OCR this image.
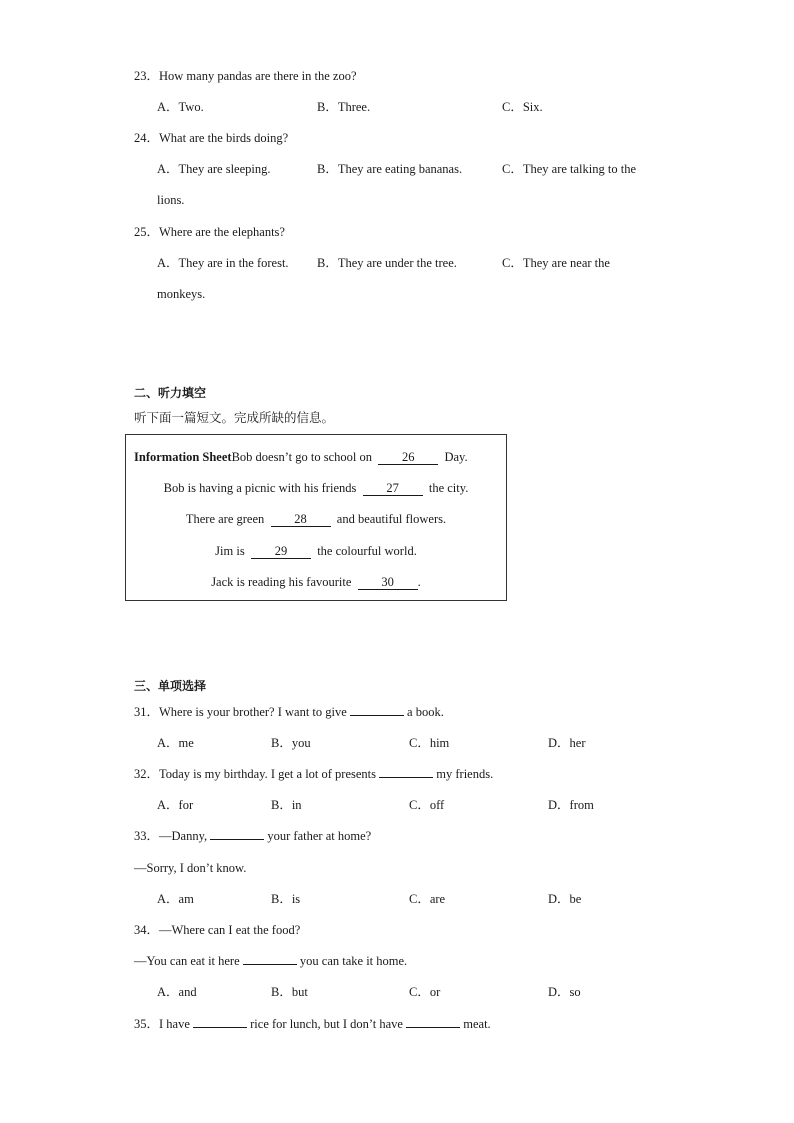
23．How many pandas are there in the zoo?
A．Two.	B．Three.	C．Six.
24．What are the birds doing?
A．They are sleeping.	B．They are eating bananas.	C．They are talking to the
lions.
25．Where are the elephants?
A．They are in the forest. B．They are under the tree.	C．They are near the
monkeys.
二、听力填空
听下面一篇短文。完成所缺的信息。
Information SheetBob doesn’t go to school on 26 Day.
Bob is having a picnic with his friends 27 the city.
There are green 28 and beautiful flowers.
Jim is 29 the colourful world.
Jack is reading his favourite 30 .
三、单项选择
31．Where is your brother? I want to give	a book.
A．me	B．you	C．him	D．her
32．Today is my birthday. I get a lot of presents	my friends.
A．for	B．in	C．off	D．from
33．—Danny,	your father at home?
—Sorry, I don’t know.
A．am	B．is	C．are	D．be
34．—Where can I eat the food?
—You can eat it here	you can take it home.
A．and	B．but	C．or	D．so
35．I have	rice for lunch, but I don’t have	meat.
